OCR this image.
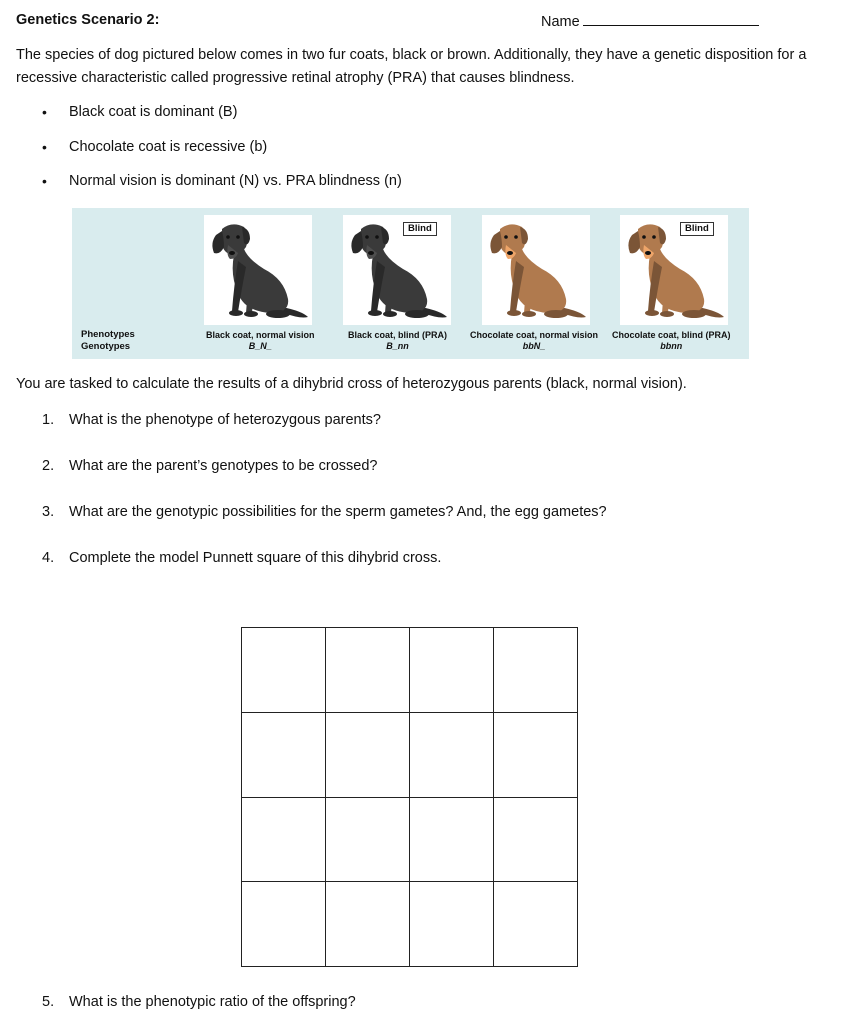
Genetics Scenario 2:	Name
The species of dog pictured below comes in two fur coats, black or brown. Additionally, they have a genetic disposition for a recessive characteristic called progressive retinal atrophy (PRA) that causes blindness.
• Black coat is dominant (B)
• Chocolate coat is recessive (b)
• Normal vision is dominant (N) vs. PRA blindness (n)
Blind	Blind
Phenotypes
Genotypes
Black coat, normal vision
B_N_
Black coat, blind (PRA)
B_nn
Chocolate coat, normal vision
bbN_
Chocolate coat, blind (PRA)
bbnn
You are tasked to calculate the results of a dihybrid cross of heterozygous parents (black, normal vision).
1. What is the phenotype of heterozygous parents?
2. What are the parent’s genotypes to be crossed?
3. What are the genotypic possibilities for the sperm gametes? And, the egg gametes?
4. Complete the model Punnett square of this dihybrid cross.

5. What is the phenotypic ratio of the offspring?
